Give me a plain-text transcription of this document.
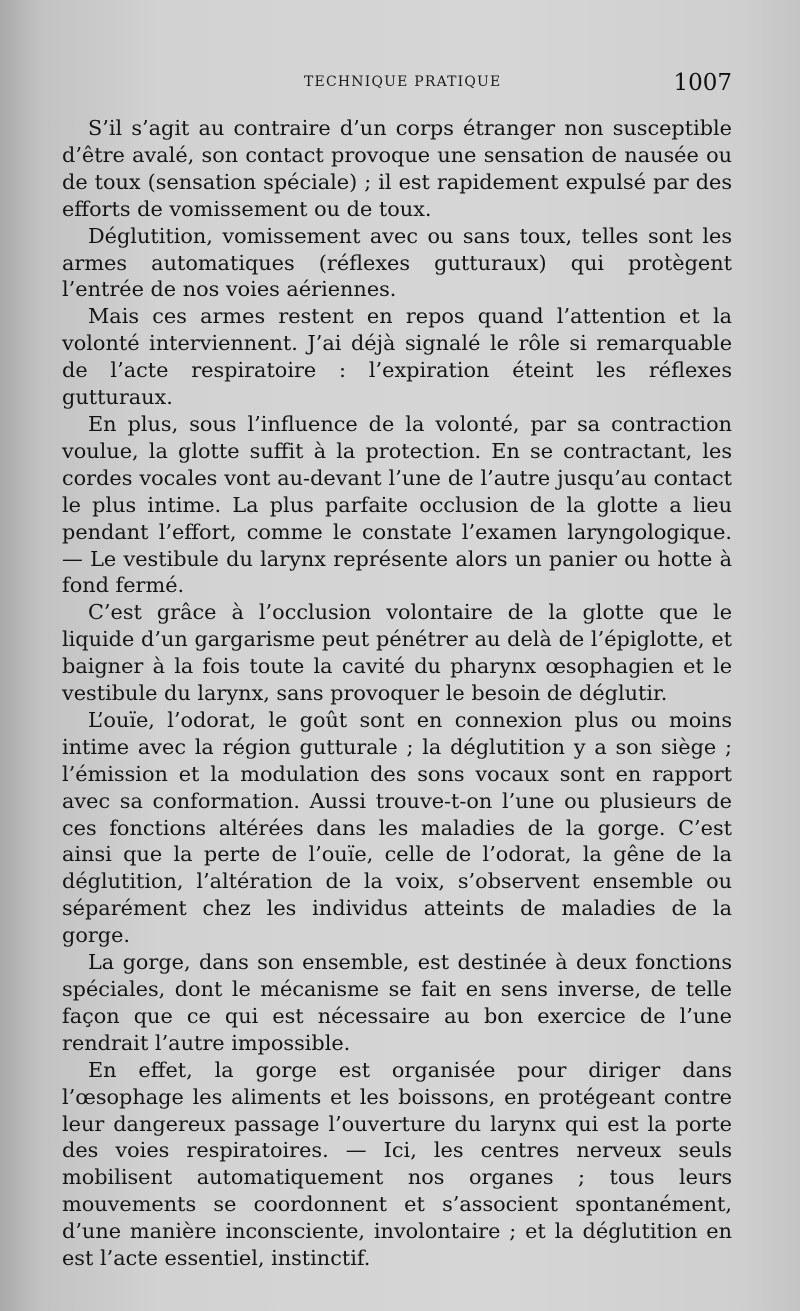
TECHNIQUE PRATIQUE	1007

S’il s’agit au contraire d’un corps étranger non susceptible d’être avalé, son contact provoque une sensation de nausée ou de toux (sensation spéciale) ; il est rapidement expulsé par des efforts de vomissement ou de toux.

Déglutition, vomissement avec ou sans toux, telles sont les armes automatiques (réflexes gutturaux) qui protègent l’entrée de nos voies aériennes.

Mais ces armes restent en repos quand l’attention et la volonté interviennent. J’ai déjà signalé le rôle si remarquable de l’acte respiratoire : l’expiration éteint les réflexes gutturaux.

En plus, sous l’influence de la volonté, par sa contraction voulue, la glotte suffit à la protection. En se contractant, les cordes vocales vont au-devant l’une de l’autre jusqu’au contact le plus intime. La plus parfaite occlusion de la glotte a lieu pendant l’effort, comme le constate l’examen laryngologique. — Le vestibule du larynx représente alors un panier ou hotte à fond fermé.

C’est grâce à l’occlusion volontaire de la glotte que le liquide d’un gargarisme peut pénétrer au delà de l’épiglotte, et baigner à la fois toute la cavité du pharynx œsophagien et le vestibule du larynx, sans provoquer le besoin de déglutir.

L’ouïe, l’odorat, le goût sont en connexion plus ou moins intime avec la région gutturale ; la déglutition y a son siège ; l’émission et la modulation des sons vocaux sont en rapport avec sa conformation. Aussi trouve-t-on l’une ou plusieurs de ces fonctions altérées dans les maladies de la gorge. C’est ainsi que la perte de l’ouïe, celle de l’odorat, la gêne de la déglutition, l’altération de la voix, s’observent ensemble ou séparément chez les individus atteints de maladies de la gorge.

La gorge, dans son ensemble, est destinée à deux fonctions spéciales, dont le mécanisme se fait en sens inverse, de telle façon que ce qui est nécessaire au bon exercice de l’une rendrait l’autre impossible.

En effet, la gorge est organisée pour diriger dans l’œsophage les aliments et les boissons, en protégeant contre leur dangereux passage l’ouverture du larynx qui est la porte des voies respiratoires. — Ici, les centres nerveux seuls mobilisent automatiquement nos organes ; tous leurs mouvements se coordonnent et s’associent spontanément, d’une manière inconsciente, involontaire ; et la déglutition en est l’acte essentiel, instinctif.
